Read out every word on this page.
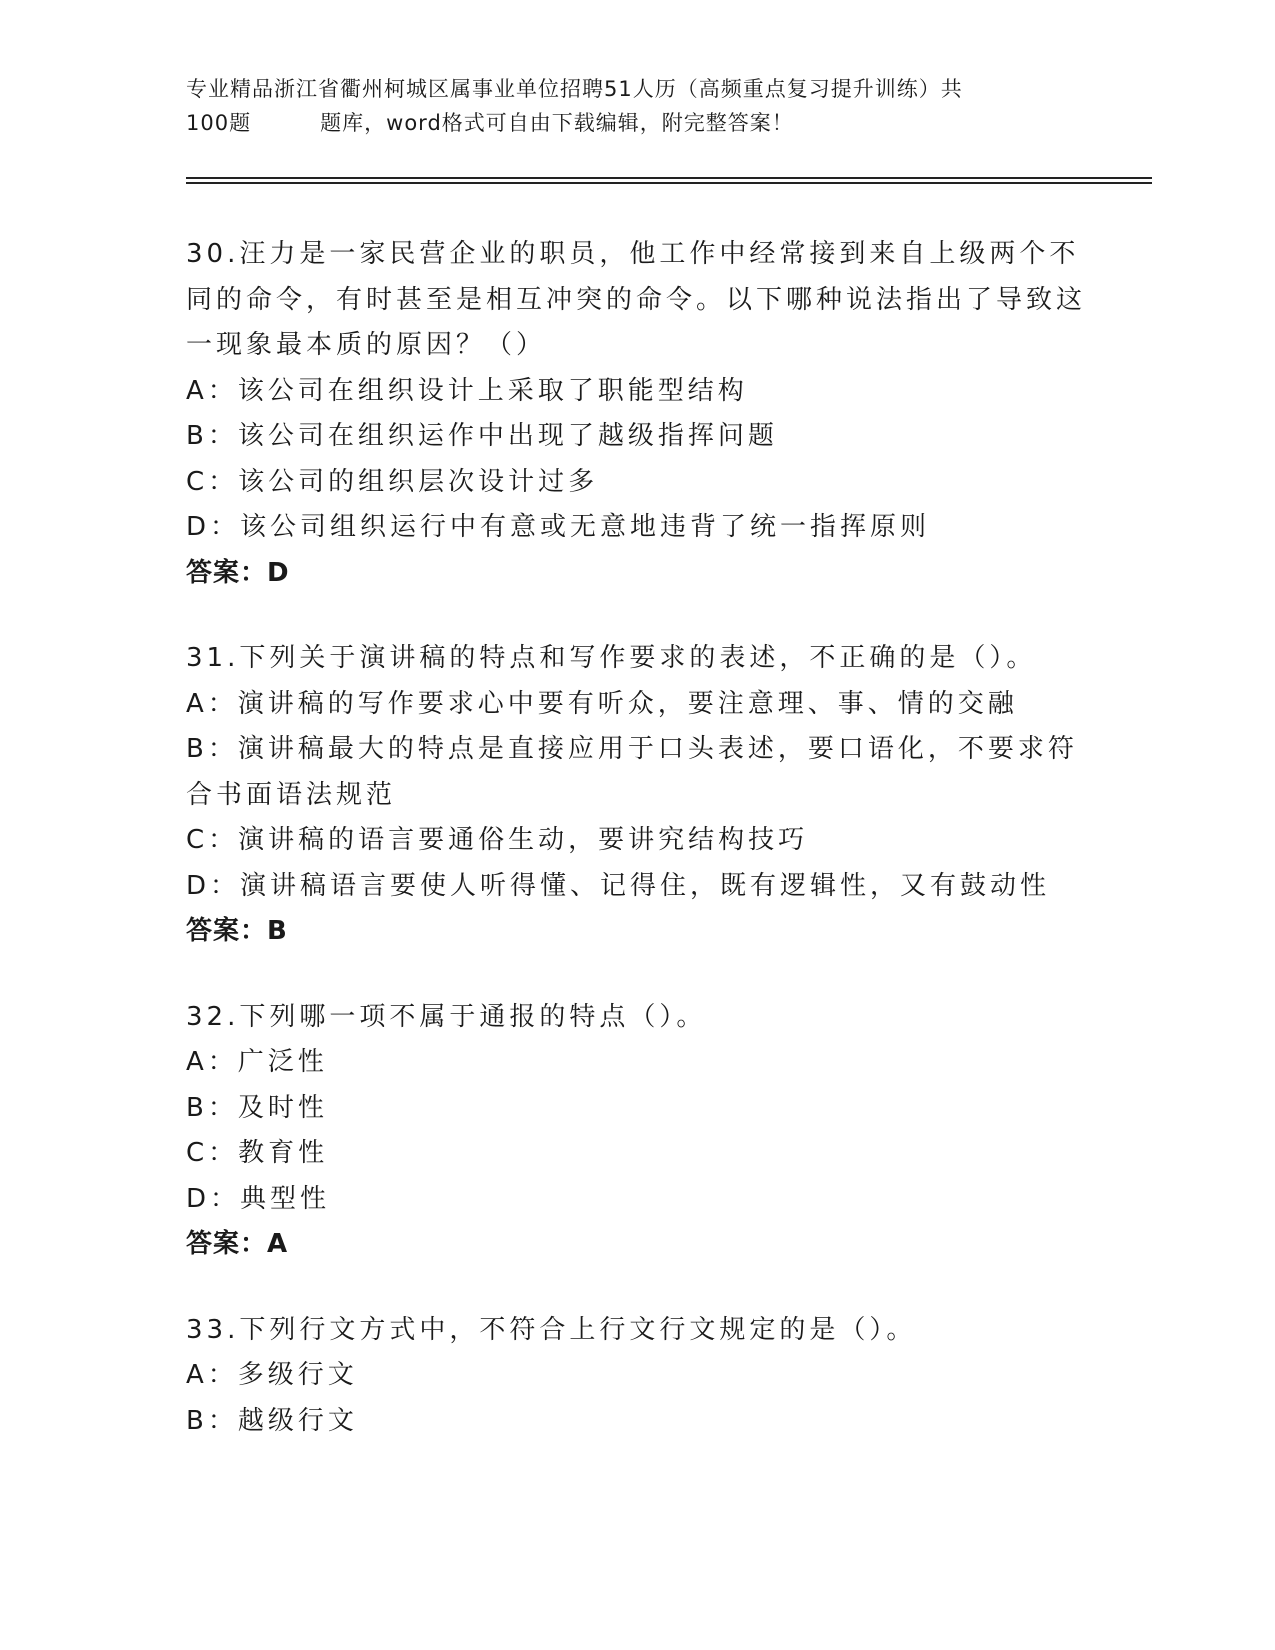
专业精品浙江省衢州柯城区属事业单位招聘51人历（高频重点复习提升训练）共
100题         题库，word格式可自由下载编辑，附完整答案！

30.汪力是一家民营企业的职员，他工作中经常接到来自上级两个不同的命令，有时甚至是相互冲突的命令。以下哪种说法指出了导致这一现象最本质的原因？（）

A：该公司在组织设计上采取了职能型结构

B：该公司在组织运作中出现了越级指挥问题

C：该公司的组织层次设计过多

D：该公司组织运行中有意或无意地违背了统一指挥原则

答案：D

31.下列关于演讲稿的特点和写作要求的表述，不正确的是（）。

A：演讲稿的写作要求心中要有听众，要注意理、事、情的交融

B：演讲稿最大的特点是直接应用于口头表述，要口语化，不要求符合书面语法规范

C：演讲稿的语言要通俗生动，要讲究结构技巧

D：演讲稿语言要使人听得懂、记得住，既有逻辑性，又有鼓动性

答案：B

32.下列哪一项不属于通报的特点（）。

A：广泛性

B：及时性

C：教育性

D：典型性

答案：A

33.下列行文方式中，不符合上行文行文规定的是（）。

A：多级行文

B：越级行文
